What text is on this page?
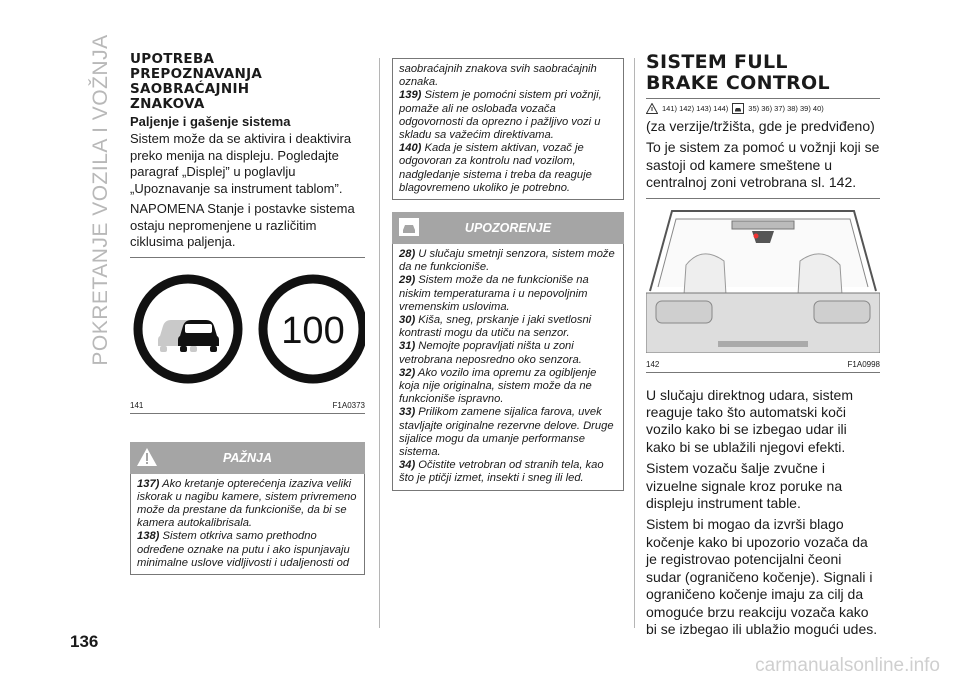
POKRETANJE VOZILA I VOŽNJA
136
UPOTREBA
PREPOZNAVANJA
SAOBRAĆAJNIH
ZNAKOVA
Paljenje i gašenje sistema

Sistem može da se aktivira i deaktivira preko menija na displeju. Pogledajte paragraf „Displej” u poglavlju „Upoznavanje sa instrument tablom”.

NAPOMENA Stanje i postavke sistema ostaju nepromenjene u različitim ciklusima paljenja.

100
141	F1A0373
PAŽNJA

137) Ako kretanje opterećenja izaziva veliki iskorak u nagibu kamere, sistem privremeno može da prestane da funkcioniše, da bi se kamera autokalibrisala.

138) Sistem otkriva samo prethodno određene oznake na putu i ako ispunjavaju minimalne uslove vidljivosti i udaljenosti od

saobraćajnih znakova svih saobraćajnih oznaka.

139) Sistem je pomoćni sistem pri vožnji, pomaže ali ne oslobađa vozača odgovornosti da oprezno i pažljivo vozi u skladu sa važećim direktivama.

140) Kada je sistem aktivan, vozač je odgovoran za kontrolu nad vozilom, nadgledanje sistema i treba da reaguje blagovremeno ukoliko je potrebno.

UPOZORENJE

28) U slučaju smetnji senzora, sistem može da ne funkcioniše.

29) Sistem može da ne funkcioniše na niskim temperaturama i u nepovoljnim vremenskim uslovima.

30) Kiša, sneg, prskanje i jaki svetlosni kontrasti mogu da utiču na senzor.

31) Nemojte popravljati ništa u zoni vetrobrana neposredno oko senzora.

32) Ako vozilo ima opremu za ogibljenje koja nije originalna, sistem može da ne funkcioniše ispravno.

33) Prilikom zamene sijalica farova, uvek stavljajte originalne rezervne delove. Druge sijalice mogu da umanje performanse sistema.

34) Očistite vetrobran od stranih tela, kao što je ptičji izmet, insekti i sneg ili led.

SISTEM FULL
BRAKE CONTROL
141) 142) 143) 144)	35) 36) 37) 38) 39) 40)

(za verzije/tržišta, gde je predviđeno)

To je sistem za pomoć u vožnji koji se sastoji od kamere smeštene u centralnoj zoni vetrobrana sl. 142.

142	F1A0998

U slučaju direktnog udara, sistem reaguje tako što automatski koči vozilo kako bi se izbegao udar ili kako bi se ublažili njegovi efekti.

Sistem vozaču šalje zvučne i vizuelne signale kroz poruke na displeju instrument table.

Sistem bi mogao da izvrši blago kočenje kako bi upozorio vozača da je registrovao potencijalni čeoni sudar (ograničeno kočenje). Signali i ograničeno kočenje imaju za cilj da omoguće brzu reakciju vozača kako bi se izbegao ili ublažio mogući udes.

carmanualsonline.info
